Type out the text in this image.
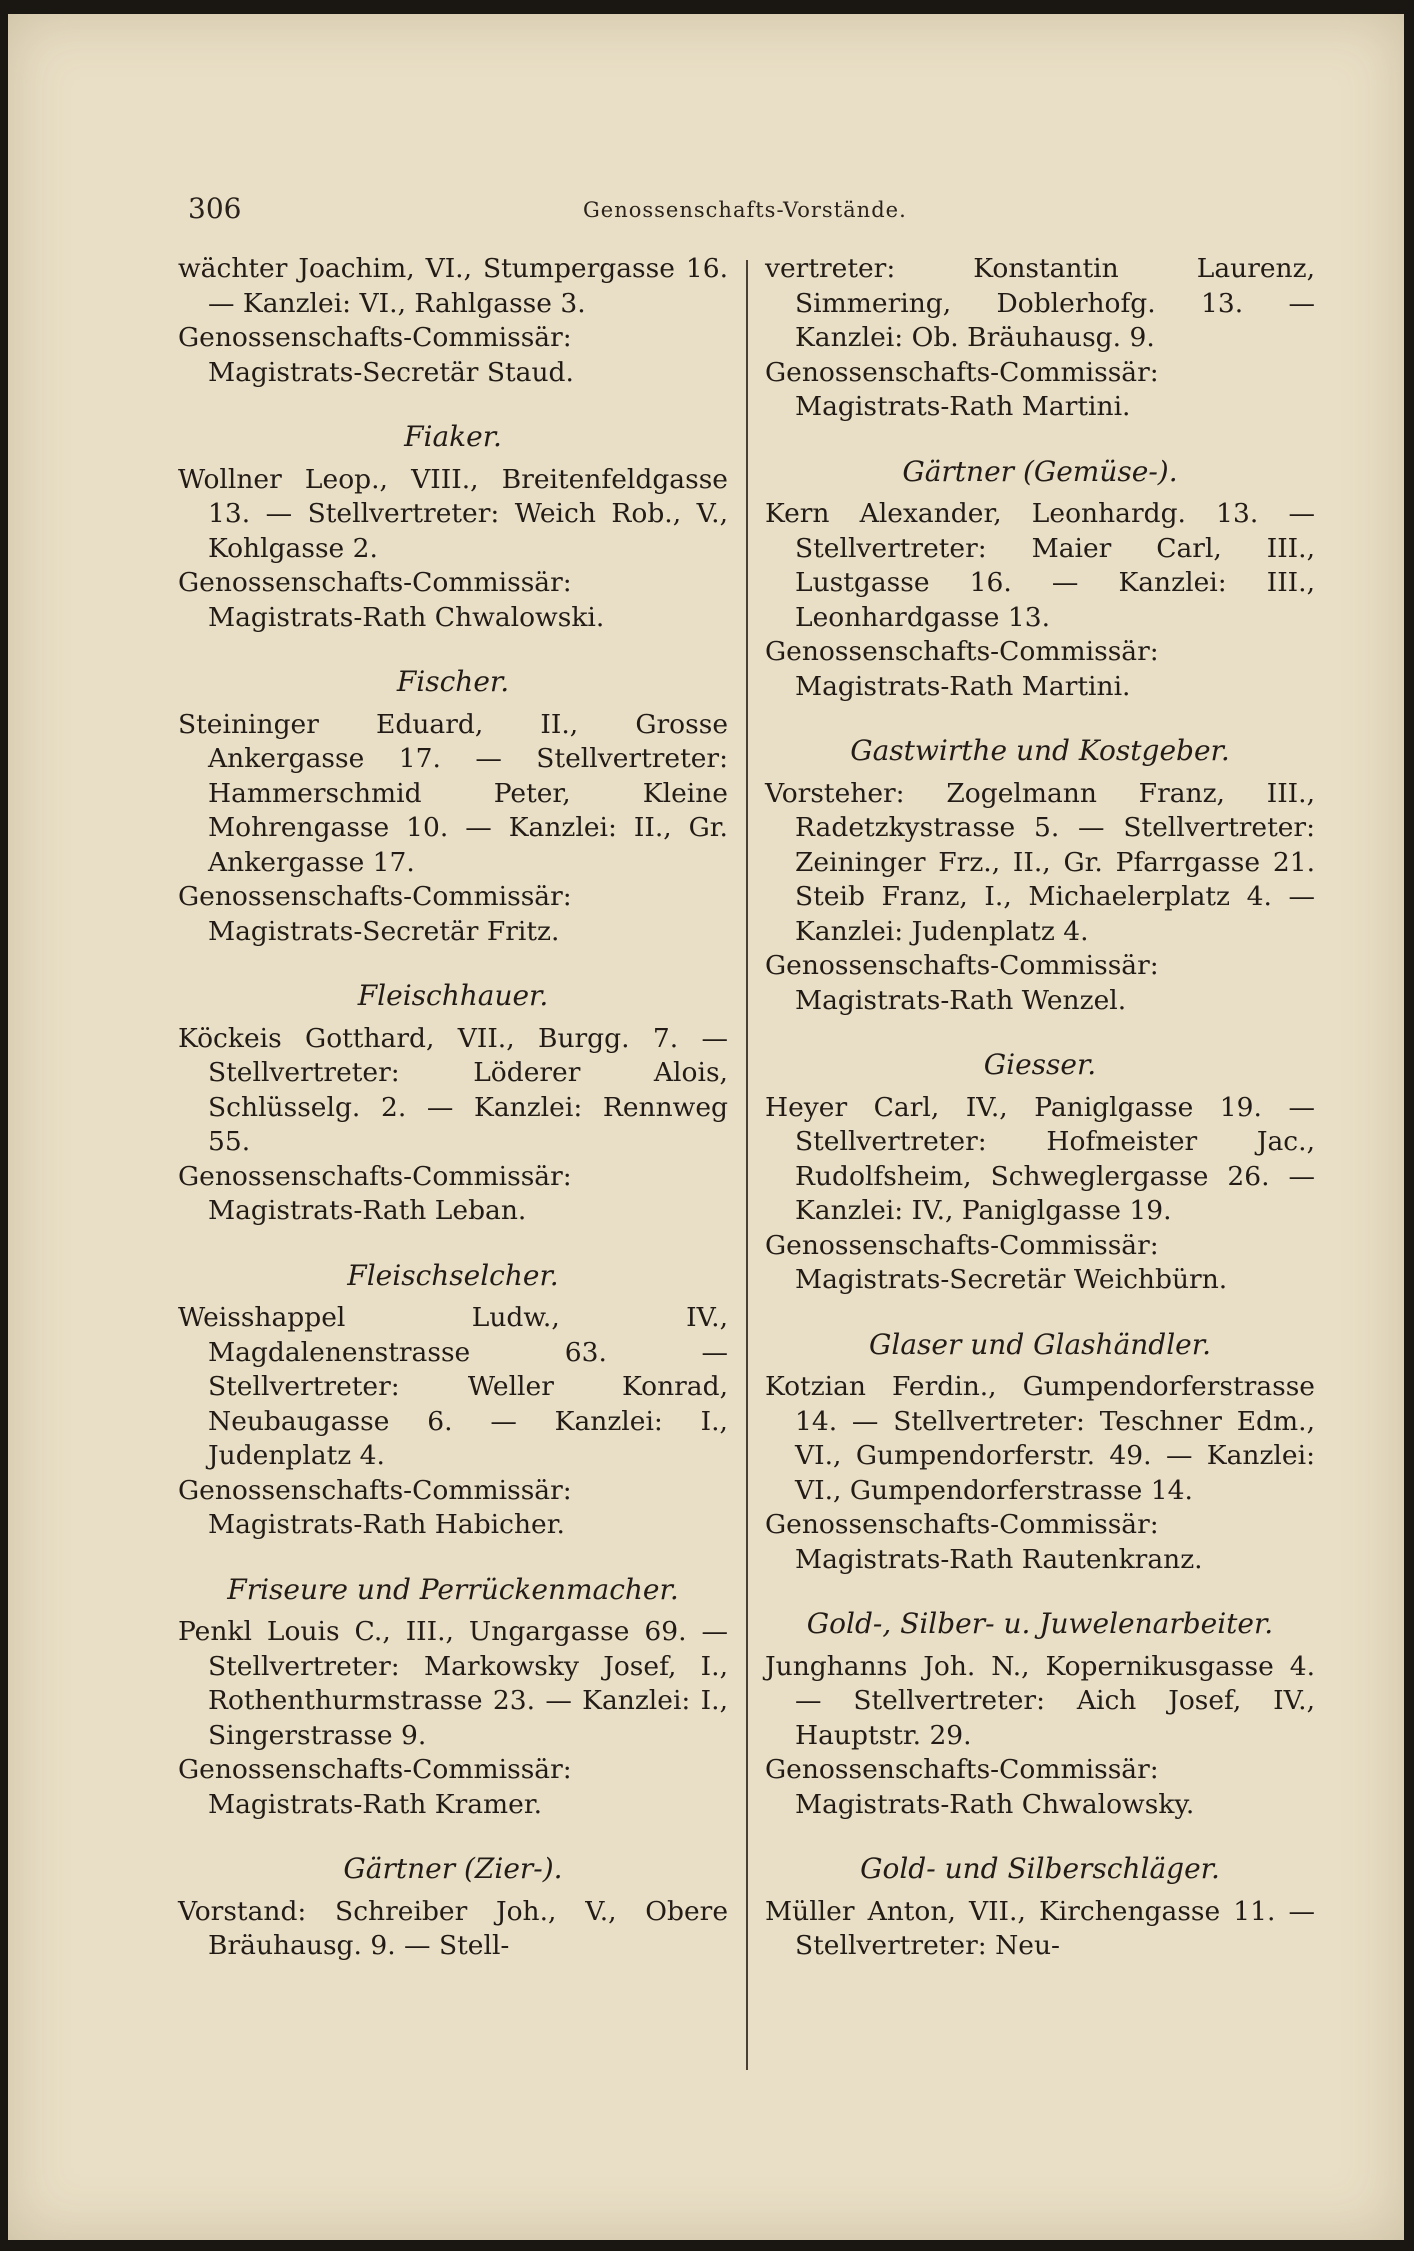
306	Genossenschafts-Vorstände.

wächter Joachim, VI., Stumpergasse 16. — Kanzlei: VI., Rahlgasse 3.

Genossenschafts-Commissär: Magistrats-Secretär Staud.

Fiaker.

Wollner Leop., VIII., Breitenfeldgasse 13. — Stellvertreter: Weich Rob., V., Kohlgasse 2.

Genossenschafts-Commissär: Magistrats-Rath Chwalowski.

Fischer.

Steininger Eduard, II., Grosse Ankergasse 17. — Stellvertreter: Hammerschmid Peter, Kleine Mohrengasse 10. — Kanzlei: II., Gr. Ankergasse 17.

Genossenschafts-Commissär: Magistrats-Secretär Fritz.

Fleischhauer.

Köckeis Gotthard, VII., Burgg. 7. — Stellvertreter: Löderer Alois, Schlüsselg. 2. — Kanzlei: Rennweg 55.

Genossenschafts-Commissär: Magistrats-Rath Leban.

Fleischselcher.

Weisshappel Ludw., IV., Magdalenenstrasse 63. — Stellvertreter: Weller Konrad, Neubaugasse 6. — Kanzlei: I., Judenplatz 4.

Genossenschafts-Commissär: Magistrats-Rath Habicher.

Friseure und Perrückenmacher.

Penkl Louis C., III., Ungargasse 69. — Stellvertreter: Markowsky Josef, I., Rothenthurmstrasse 23. — Kanzlei: I., Singerstrasse 9.

Genossenschafts-Commissär: Magistrats-Rath Kramer.

Gärtner (Zier-).

Vorstand: Schreiber Joh., V., Obere Bräuhausg. 9. — Stell-

vertreter: Konstantin Laurenz, Simmering, Doblerhofg. 13. — Kanzlei: Ob. Bräuhausg. 9.

Genossenschafts-Commissär: Magistrats-Rath Martini.

Gärtner (Gemüse-).

Kern Alexander, Leonhardg. 13. — Stellvertreter: Maier Carl, III., Lustgasse 16. — Kanzlei: III., Leonhardgasse 13.

Genossenschafts-Commissär: Magistrats-Rath Martini.

Gastwirthe und Kostgeber.

Vorsteher: Zogelmann Franz, III., Radetzkystrasse 5. — Stellvertreter: Zeininger Frz., II., Gr. Pfarrgasse 21. Steib Franz, I., Michaelerplatz 4. — Kanzlei: Judenplatz 4.

Genossenschafts-Commissär: Magistrats-Rath Wenzel.

Giesser.

Heyer Carl, IV., Paniglgasse 19. — Stellvertreter: Hofmeister Jac., Rudolfsheim, Schweglergasse 26. — Kanzlei: IV., Paniglgasse 19.

Genossenschafts-Commissär: Magistrats-Secretär Weichbürn.

Glaser und Glashändler.

Kotzian Ferdin., Gumpendorferstrasse 14. — Stellvertreter: Teschner Edm., VI., Gumpendorferstr. 49. — Kanzlei: VI., Gumpendorferstrasse 14.

Genossenschafts-Commissär: Magistrats-Rath Rautenkranz.

Gold-, Silber- u. Juwelenarbeiter.

Junghanns Joh. N., Kopernikusgasse 4. — Stellvertreter: Aich Josef, IV., Hauptstr. 29.

Genossenschafts-Commissär: Magistrats-Rath Chwalowsky.

Gold- und Silberschläger.

Müller Anton, VII., Kirchengasse 11. — Stellvertreter: Neu-
